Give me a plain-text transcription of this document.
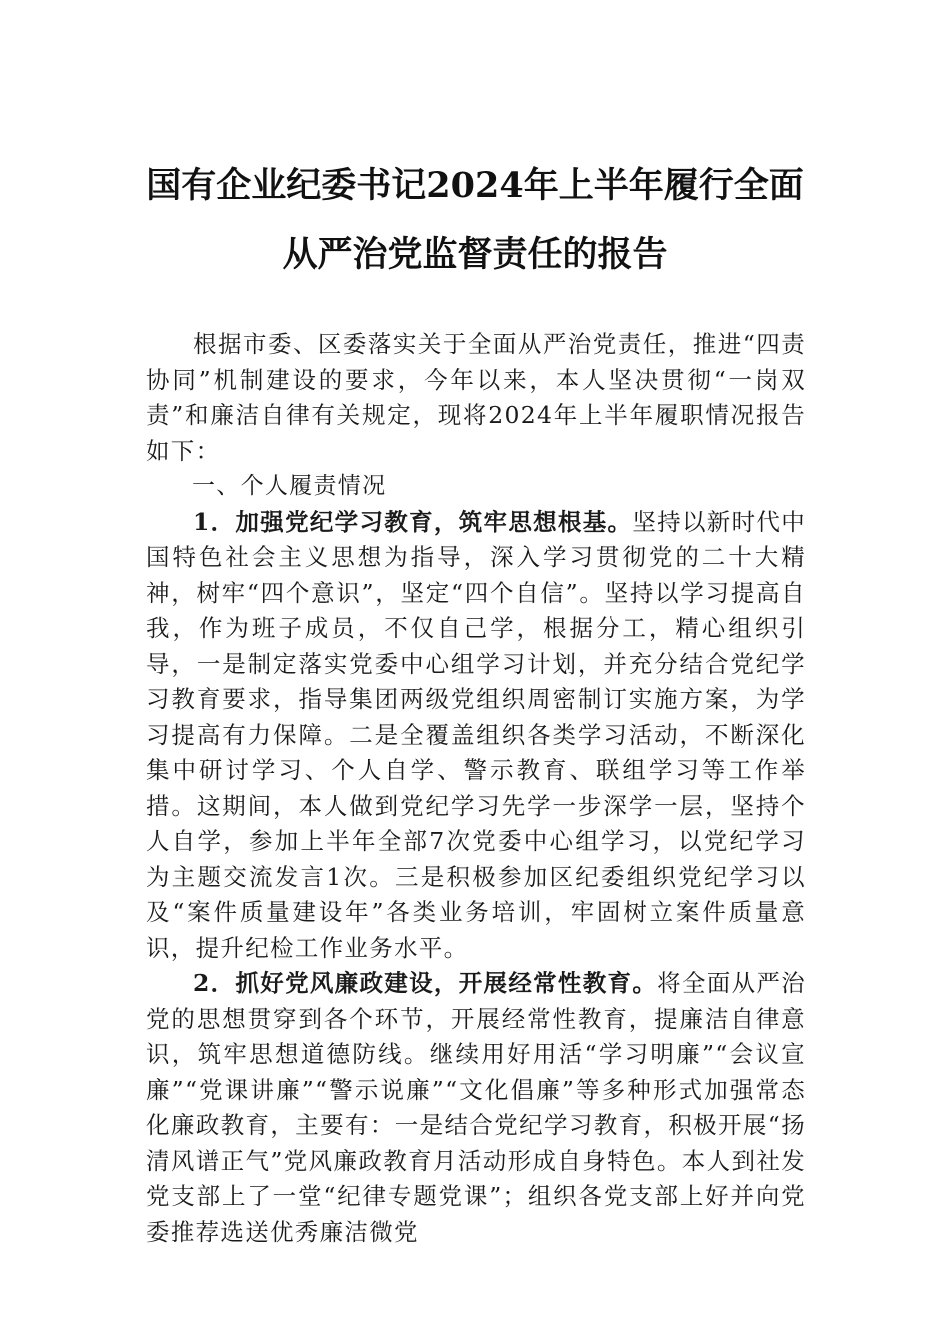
国有企业纪委书记2024年上半年履行全面
从严治党监督责任的报告

根据市委、区委落实关于全面从严治党责任，推进“四责协同”机制建设的要求，今年以来，本人坚决贯彻“一岗双责”和廉洁自律有关规定，现将2024年上半年履职情况报告如下：

一、个人履责情况

1．加强党纪学习教育，筑牢思想根基。坚持以新时代中国特色社会主义思想为指导，深入学习贯彻党的二十大精神，树牢“四个意识”，坚定“四个自信”。坚持以学习提高自我，作为班子成员，不仅自己学，根据分工，精心组织引导，一是制定落实党委中心组学习计划，并充分结合党纪学习教育要求，指导集团两级党组织周密制订实施方案，为学习提高有力保障。二是全覆盖组织各类学习活动，不断深化集中研讨学习、个人自学、警示教育、联组学习等工作举措。这期间，本人做到党纪学习先学一步深学一层，坚持个人自学，参加上半年全部7次党委中心组学习，以党纪学习为主题交流发言1次。三是积极参加区纪委组织党纪学习以及“案件质量建设年”各类业务培训，牢固树立案件质量意识，提升纪检工作业务水平。

2．抓好党风廉政建设，开展经常性教育。将全面从严治党的思想贯穿到各个环节，开展经常性教育，提廉洁自律意识，筑牢思想道德防线。继续用好用活“学习明廉”“会议宣廉”“党课讲廉”“警示说廉”“文化倡廉”等多种形式加强常态化廉政教育，主要有：一是结合党纪学习教育，积极开展“扬清风谱正气”党风廉政教育月活动形成自身特色。本人到社发党支部上了一堂“纪律专题党课”；组织各党支部上好并向党委推荐选送优秀廉洁微党
